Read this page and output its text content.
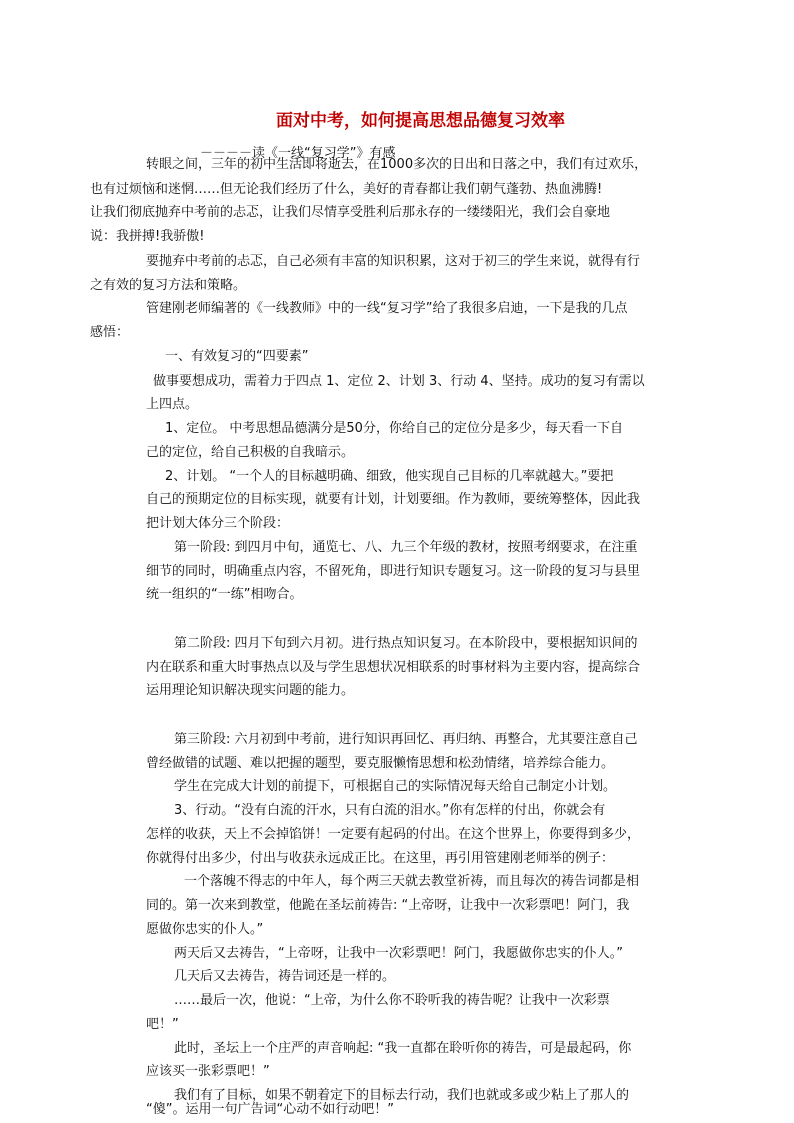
面对中考，如何提高思想品德复习效率
－－－－读《一线“复习学”》有感
转眼之间，三年的初中生活即将逝去，在1000多次的日出和日落之中，我们有过欢乐，
也有过烦恼和迷惘……但无论我们经历了什么，美好的青春都让我们朝气蓬勃、热血沸腾!
让我们彻底抛弃中考前的忐忑，让我们尽情享受胜利后那永存的一缕缕阳光，我们会自豪地
说：我拼搏!我骄傲!
要抛弃中考前的忐忑，自己必须有丰富的知识积累，这对于初三的学生来说，就得有行
之有效的复习方法和策略。
管建刚老师编著的《一线教师》中的一线“复习学”给了我很多启迪，一下是我的几点
感悟：
一、有效复习的“四要素”
做事要想成功，需着力于四点 1、定位 2、计划 3、行动 4、坚持。成功的复习有需以
上四点。
1、定位。 中考思想品德满分是50分，你给自己的定位分是多少，每天看一下自
己的定位，给自己积极的自我暗示。
2、计划。 “一个人的目标越明确、细致，他实现自己目标的几率就越大。”要把
自己的预期定位的目标实现，就要有计划，计划要细。作为教师，要统筹整体，因此我
把计划大体分三个阶段：
第一阶段: 到四月中旬，通览七、八、九三个年级的教材，按照考纲要求，在注重
细节的同时，明确重点内容，不留死角，即进行知识专题复习。这一阶段的复习与县里
统一组织的“一练”相吻合。
第二阶段: 四月下旬到六月初。进行热点知识复习。在本阶段中，要根据知识间的
内在联系和重大时事热点以及与学生思想状况相联系的时事材料为主要内容，提高综合
运用理论知识解决现实问题的能力。
第三阶段: 六月初到中考前，进行知识再回忆、再归纳、再整合，尤其要注意自己
曾经做错的试题、难以把握的题型，要克服懒惰思想和松劲情绪，培养综合能力。
学生在完成大计划的前提下，可根据自己的实际情况每天给自己制定小计划。
3、行动。“没有白流的汗水，只有白流的泪水。”你有怎样的付出，你就会有
怎样的收获，天上不会掉馅饼！一定要有起码的付出。在这个世界上，你要得到多少，
你就得付出多少，付出与收获永远成正比。在这里，再引用管建刚老师举的例子：
一个落魄不得志的中年人，每个两三天就去教堂祈祷，而且每次的祷告词都是相
同的。第一次来到教堂，他跪在圣坛前祷告: “上帝呀，让我中一次彩票吧！阿门，我
愿做你忠实的仆人。”
两天后又去祷告，“上帝呀，让我中一次彩票吧！阿门，我愿做你忠实的仆人。”
几天后又去祷告，祷告词还是一样的。
……最后一次，他说：“上帝，为什么你不聆听我的祷告呢？让我中一次彩票
吧！”
此时，圣坛上一个庄严的声音响起: “我一直都在聆听你的祷告，可是最起码，你
应该买一张彩票吧！”
我们有了目标，如果不朝着定下的目标去行动，我们也就或多或少粘上了那人的
“傻”。运用一句广告词“心动不如行动吧！”
